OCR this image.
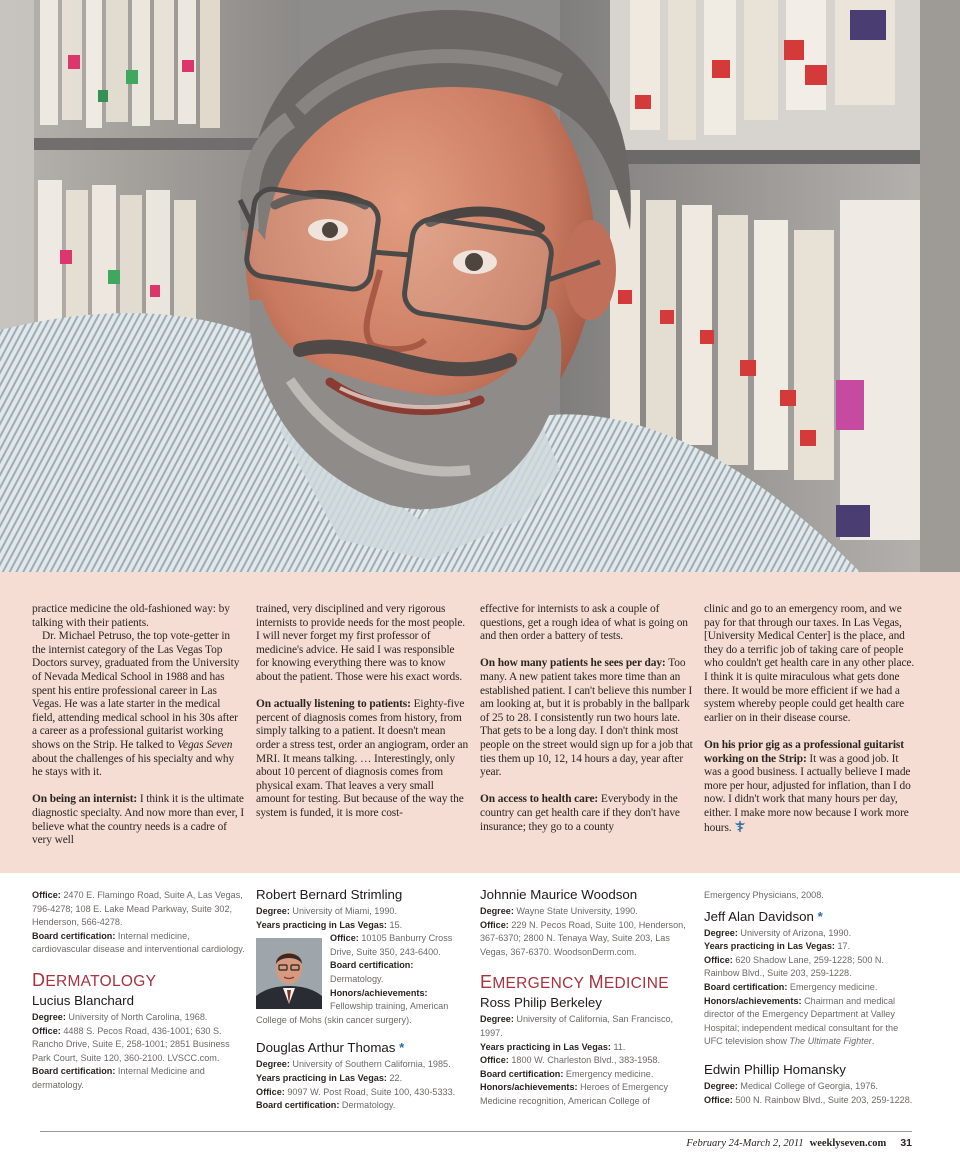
practice medicine the old-fashioned way: by talking with their patients.

Dr. Michael Petruso, the top vote-getter in the internist category of the Las Vegas Top Doctors survey, graduated from the University of Nevada Medical School in 1988 and has spent his entire professional career in Las Vegas. He was a late starter in the medical field, attending medical school in his 30s after a career as a professional guitarist working shows on the Strip. He talked to Vegas Seven about the challenges of his specialty and why he stays with it.

On being an internist: I think it is the ultimate diagnostic specialty. And now more than ever, I believe what the country needs is a cadre of very well

trained, very disciplined and very rigorous internists to provide needs for the most people. I will never forget my first professor of medicine's advice. He said I was responsible for knowing everything there was to know about the patient. Those were his exact words.

On actually listening to patients: Eighty-five percent of diagnosis comes from history, from simply talking to a patient. It doesn't mean order a stress test, order an angiogram, order an MRI. It means talking. … Interestingly, only about 10 percent of diagnosis comes from physical exam. That leaves a very small amount for testing. But because of the way the system is funded, it is more cost-

effective for internists to ask a couple of questions, get a rough idea of what is going on and then order a battery of tests.

On how many patients he sees per day: Too many. A new patient takes more time than an established patient. I can't believe this number I am looking at, but it is probably in the ballpark of 25 to 28. I consistently run two hours late. That gets to be a long day. I don't think most people on the street would sign up for a job that ties them up 10, 12, 14 hours a day, year after year.

On access to health care: Everybody in the country can get health care if they don't have insurance; they go to a county

clinic and go to an emergency room, and we pay for that through our taxes. In Las Vegas, [University Medical Center] is the place, and they do a terrific job of taking care of people who couldn't get health care in any other place. I think it is quite miraculous what gets done there. It would be more efficient if we had a system whereby people could get health care earlier on in their disease course.

On his prior gig as a professional guitarist working on the Strip: It was a good job. It was a good business. I actually believe I made more per hour, adjusted for inflation, than I do now. I didn't work that many hours per day, either. I make more now because I work more hours.

Office: 2470 E. Flamingo Road, Suite A, Las Vegas, 796-4278; 108 E. Lake Mead Parkway, Suite 302, Henderson, 566-4278.

Board certification: Internal medicine, cardiovascular disease and interventional cardiology.

DERMATOLOGY
Lucius Blanchard

Degree: University of North Carolina, 1968.

Office: 4488 S. Pecos Road, 436-1001; 630 S. Rancho Drive, Suite E, 258-1001; 2851 Business Park Court, Suite 120, 360-2100. LVSCC.com.

Board certification: Internal Medicine and dermatology.

Robert Bernard Strimling

Degree: University of Miami, 1990.

Years practicing in Las Vegas: 15.

Office: 10105 Banburry Cross Drive, Suite 350, 243-6400.

Board certification: Dermatology.

Honors/achievements: Fellowship training, American College of Mohs (skin cancer surgery).

Douglas Arthur Thomas *

Degree: University of Southern California, 1985.

Years practicing in Las Vegas: 22.

Office: 9097 W. Post Road, Suite 100, 430-5333.

Board certification: Dermatology.

Johnnie Maurice Woodson

Degree: Wayne State University, 1990.

Office: 229 N. Pecos Road, Suite 100, Henderson, 367-6370; 2800 N. Tenaya Way, Suite 203, Las Vegas, 367-6370. WoodsonDerm.com.

EMERGENCY MEDICINE
Ross Philip Berkeley

Degree: University of California, San Francisco, 1997.

Years practicing in Las Vegas: 11.

Office: 1800 W. Charleston Blvd., 383-1958.

Board certification: Emergency medicine.

Honors/achievements: Heroes of Emergency Medicine recognition, American College of

Emergency Physicians, 2008.

Jeff Alan Davidson *

Degree: University of Arizona, 1990.

Years practicing in Las Vegas: 17.

Office: 620 Shadow Lane, 259-1228; 500 N. Rainbow Blvd., Suite 203, 259-1228.

Board certification: Emergency medicine.

Honors/achievements: Chairman and medical director of the Emergency Department at Valley Hospital; independent medical consultant for the UFC television show The Ultimate Fighter.

Edwin Phillip Homansky

Degree: Medical College of Georgia, 1976.

Office: 500 N. Rainbow Blvd., Suite 203, 259-1228.

February 24-March 2, 2011 weeklyseven.com 31
